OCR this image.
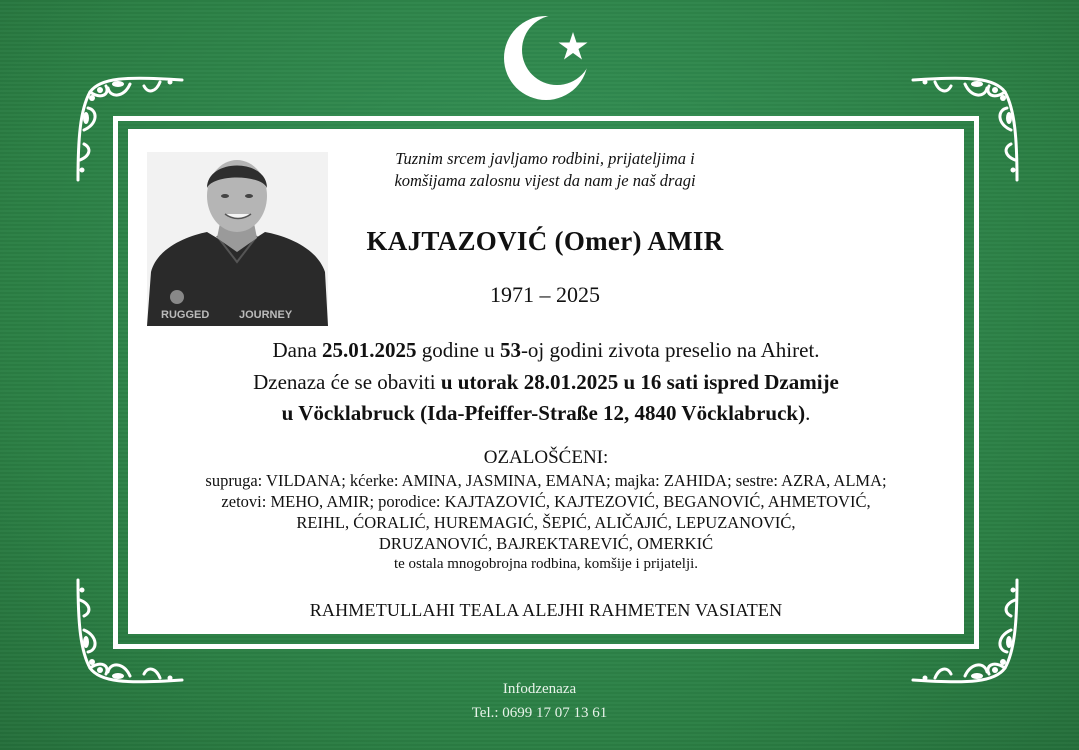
RUGGED	JOURNEY
Tuznim srcem javljamo rodbini, prijateljima i
komšijama zalosnu vijest da nam je naš dragi
KAJTAZOVIĆ (Omer) AMIR
1971 – 2025
Dana 25.01.2025 godine u 53-oj godini zivota preselio na Ahiret.
Dzenaza će se obaviti u utorak 28.01.2025 u 16 sati ispred Dzamije
u Vöcklabruck (Ida-Pfeiffer-Straße 12, 4840 Vöcklabruck).
OZALOŠĆENI:
supruga: VILDANA; kćerke: AMINA, JASMINA, EMANA; majka: ZAHIDA; sestre: AZRA, ALMA;
zetovi: MEHO, AMIR; porodice: KAJTAZOVIĆ, KAJTEZOVIĆ, BEGANOVIĆ, AHMETOVIĆ,
REIHL, ĆORALIĆ, HUREMAGIĆ, ŠEPIĆ, ALIČAJIĆ, LEPUZANOVIĆ,
DRUZANOVIĆ, BAJREKTAREVIĆ, OMERKIĆ
te ostala mnogobrojna rodbina, komšije i prijatelji.
RAHMETULLAHI TEALA ALEJHI RAHMETEN VASIATEN
Infodzenaza
Tel.: 0699 17 07 13 61
